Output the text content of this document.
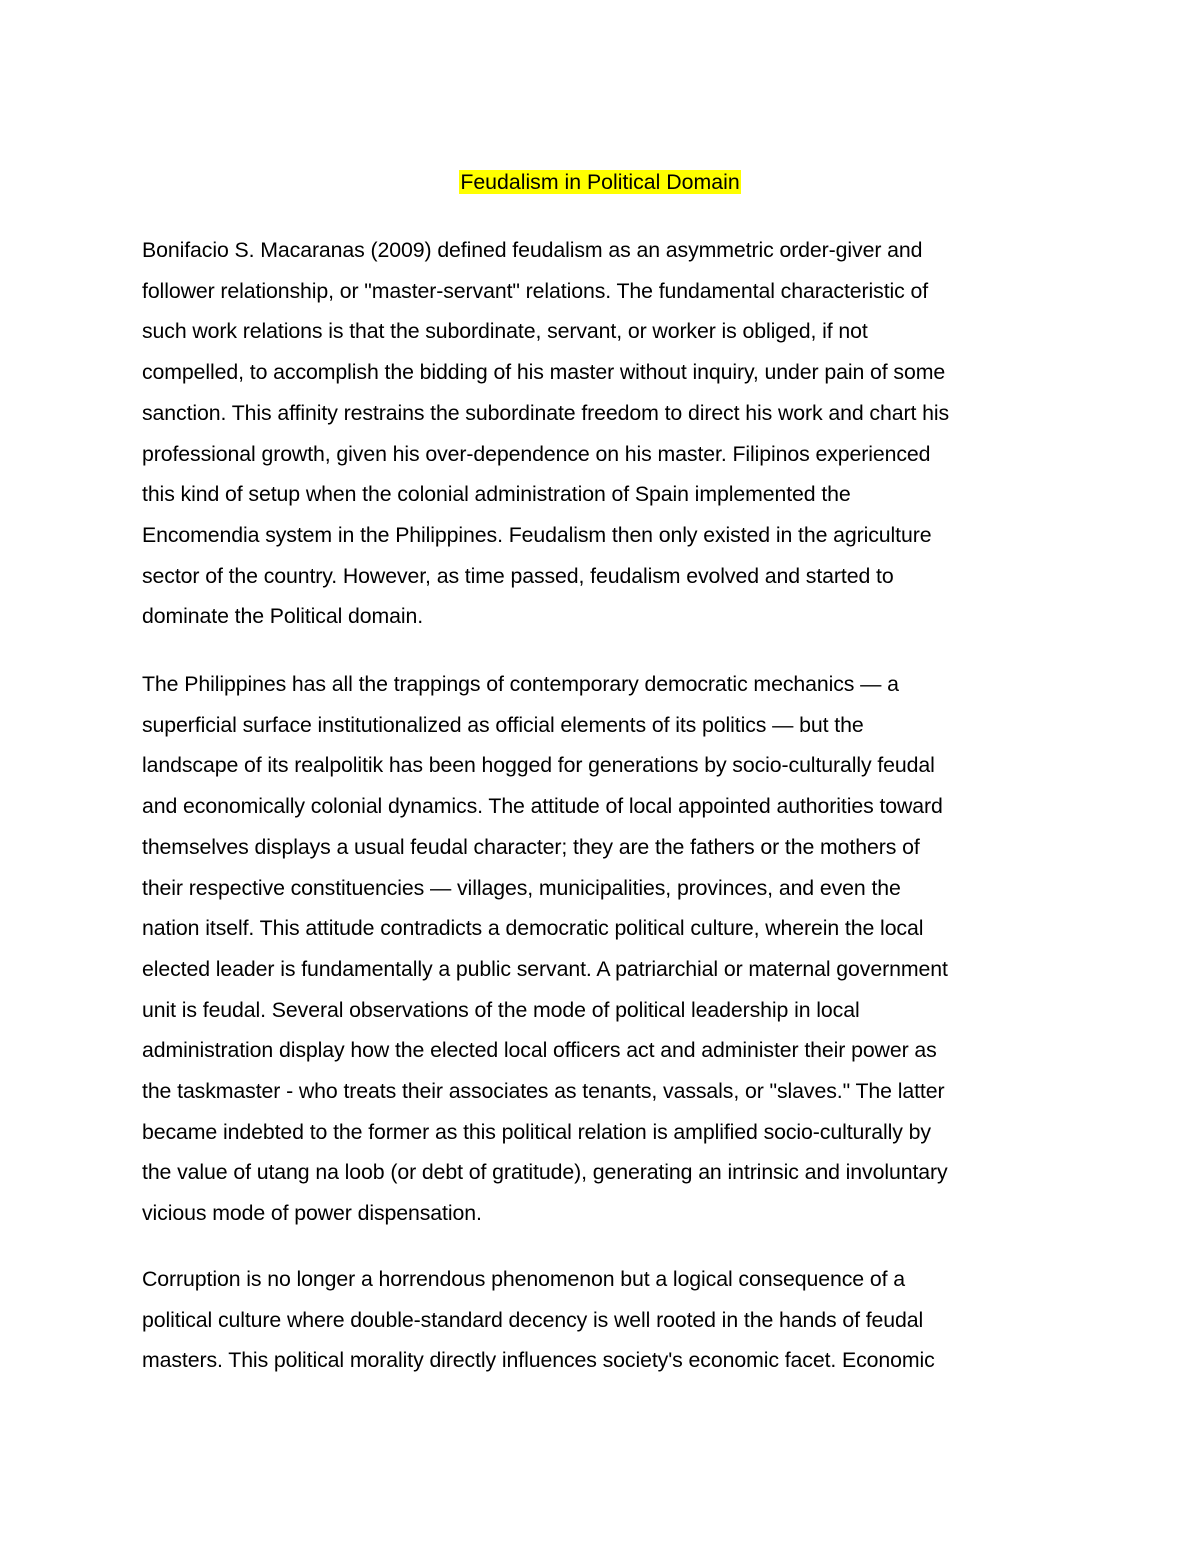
Feudalism in Political Domain

Bonifacio S. Macaranas (2009) defined feudalism as an asymmetric order-giver and
follower relationship, or "master-servant" relations. The fundamental characteristic of
such work relations is that the subordinate, servant, or worker is obliged, if not
compelled, to accomplish the bidding of his master without inquiry, under pain of some
sanction. This affinity restrains the subordinate freedom to direct his work and chart his
professional growth, given his over-dependence on his master. Filipinos experienced
this kind of setup when the colonial administration of Spain implemented the
Encomendia system in the Philippines. Feudalism then only existed in the agriculture
sector of the country. However, as time passed, feudalism evolved and started to
dominate the Political domain.

The Philippines has all the trappings of contemporary democratic mechanics — a
superficial surface institutionalized as official elements of its politics — but the
landscape of its realpolitik has been hogged for generations by socio-culturally feudal
and economically colonial dynamics. The attitude of local appointed authorities toward
themselves displays a usual feudal character; they are the fathers or the mothers of
their respective constituencies — villages, municipalities, provinces, and even the
nation itself. This attitude contradicts a democratic political culture, wherein the local
elected leader is fundamentally a public servant. A patriarchial or maternal government
unit is feudal. Several observations of the mode of political leadership in local
administration display how the elected local officers act and administer their power as
the taskmaster - who treats their associates as tenants, vassals, or "slaves." The latter
became indebted to the former as this political relation is amplified socio-culturally by
the value of utang na loob (or debt of gratitude), generating an intrinsic and involuntary
vicious mode of power dispensation.

Corruption is no longer a horrendous phenomenon but a logical consequence of a
political culture where double-standard decency is well rooted in the hands of feudal
masters. This political morality directly influences society's economic facet. Economic
